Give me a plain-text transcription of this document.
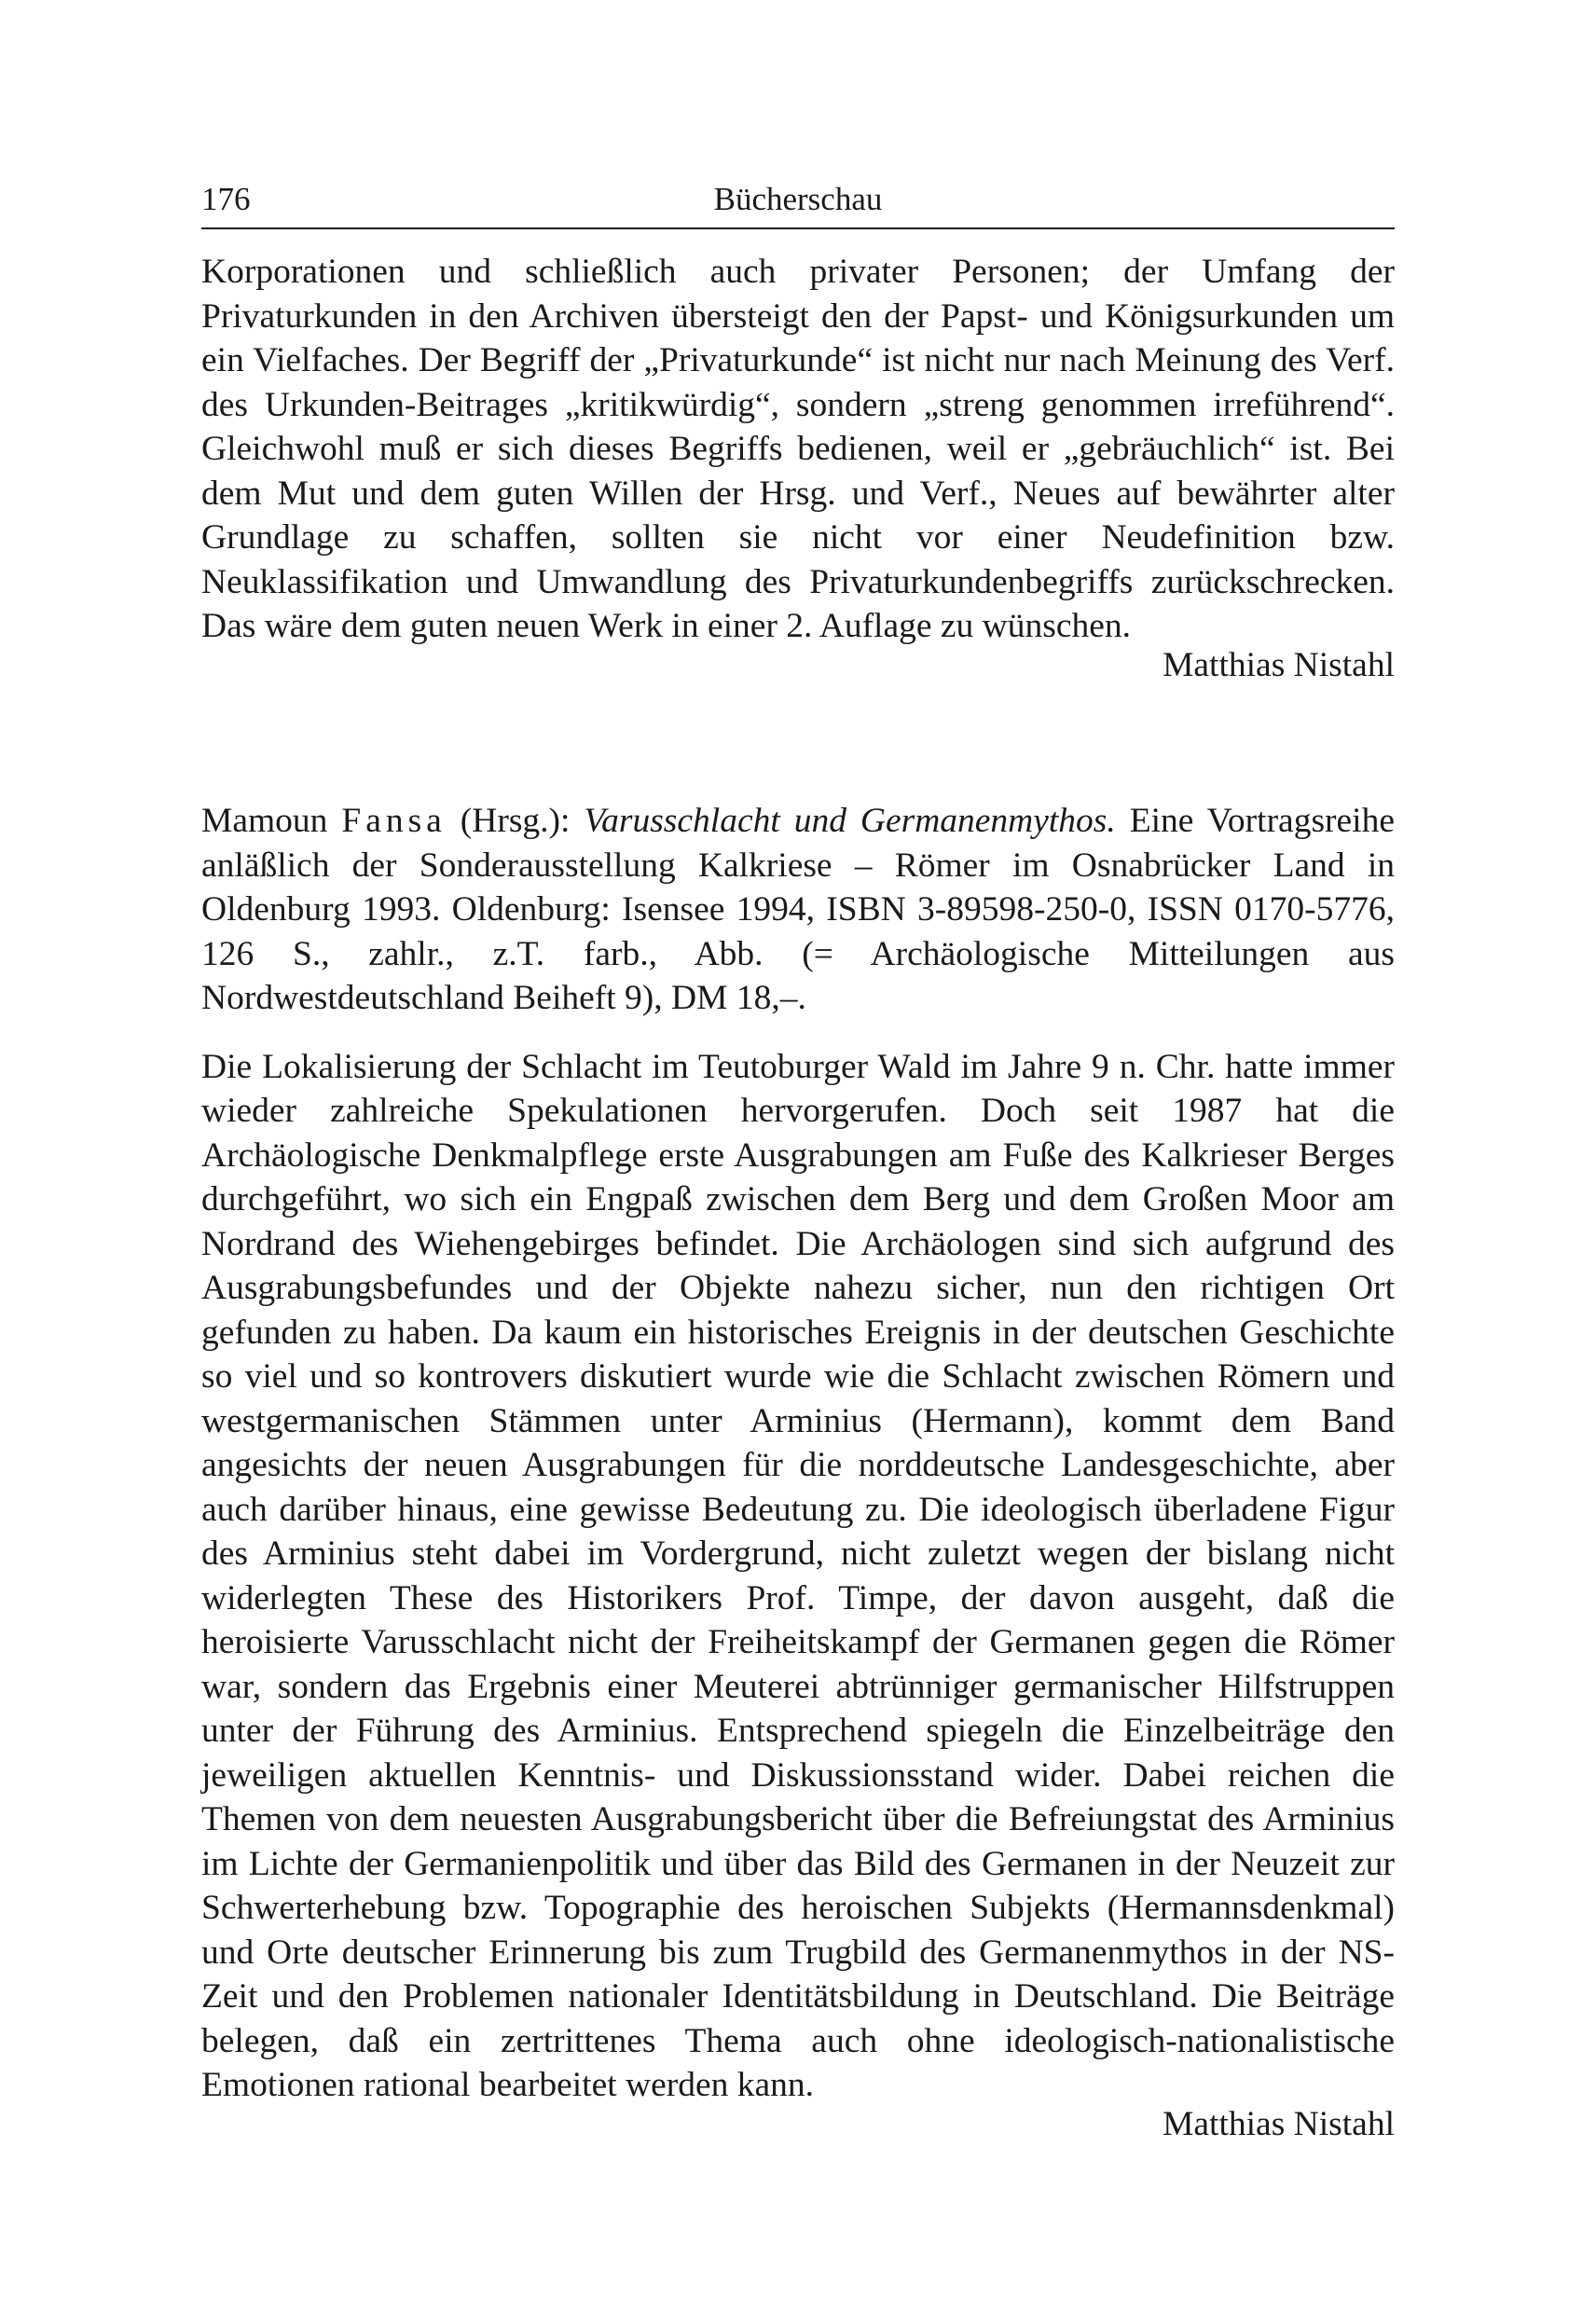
176	Bücherschau

Korporationen und schließlich auch privater Personen; der Umfang der Privaturkunden in den Archiven übersteigt den der Papst- und Königsurkunden um ein Vielfaches. Der Begriff der „Privaturkunde“ ist nicht nur nach Meinung des Verf. des Urkunden-Beitrages „kritikwürdig“, sondern „streng genommen irreführend“. Gleichwohl muß er sich dieses Begriffs bedienen, weil er „gebräuchlich“ ist. Bei dem Mut und dem guten Willen der Hrsg. und Verf., Neues auf bewährter alter Grundlage zu schaffen, sollten sie nicht vor einer Neudefinition bzw. Neuklassifikation und Umwandlung des Privaturkundenbegriffs zurückschrecken. Das wäre dem guten neuen Werk in einer 2. Auflage zu wünschen.

Matthias Nistahl

Mamoun Fansa (Hrsg.): Varusschlacht und Germanenmythos. Eine Vortragsreihe anläßlich der Sonderausstellung Kalkriese – Römer im Osnabrücker Land in Oldenburg 1993. Oldenburg: Isensee 1994, ISBN 3-89598-250-0, ISSN 0170-5776, 126 S., zahlr., z.T. farb., Abb. (= Archäologische Mitteilungen aus Nordwestdeutschland Beiheft 9), DM 18,–.

Die Lokalisierung der Schlacht im Teutoburger Wald im Jahre 9 n. Chr. hatte immer wieder zahlreiche Spekulationen hervorgerufen. Doch seit 1987 hat die Archäologische Denkmalpflege erste Ausgrabungen am Fuße des Kalkrieser Berges durchgeführt, wo sich ein Engpaß zwischen dem Berg und dem Großen Moor am Nordrand des Wiehengebirges befindet. Die Archäologen sind sich aufgrund des Ausgrabungsbefundes und der Objekte nahezu sicher, nun den richtigen Ort gefunden zu haben. Da kaum ein historisches Ereignis in der deutschen Geschichte so viel und so kontrovers diskutiert wurde wie die Schlacht zwischen Römern und westgermanischen Stämmen unter Arminius (Hermann), kommt dem Band angesichts der neuen Ausgrabungen für die norddeutsche Landesgeschichte, aber auch darüber hinaus, eine gewisse Bedeutung zu. Die ideologisch überladene Figur des Arminius steht dabei im Vordergrund, nicht zuletzt wegen der bislang nicht widerlegten These des Historikers Prof. Timpe, der davon ausgeht, daß die heroisierte Varusschlacht nicht der Freiheitskampf der Germanen gegen die Römer war, sondern das Ergebnis einer Meuterei abtrünniger germanischer Hilfstruppen unter der Führung des Arminius. Entsprechend spiegeln die Einzelbeiträge den jeweiligen aktuellen Kenntnis- und Diskussionsstand wider. Dabei reichen die Themen von dem neuesten Ausgrabungsbericht über die Befreiungstat des Arminius im Lichte der Germanienpolitik und über das Bild des Germanen in der Neuzeit zur Schwerterhebung bzw. Topographie des heroischen Subjekts (Hermannsdenkmal) und Orte deutscher Erinnerung bis zum Trugbild des Germanenmythos in der NS-Zeit und den Problemen nationaler Identitätsbildung in Deutschland. Die Beiträge belegen, daß ein zertrittenes Thema auch ohne ideologisch-nationalistische Emotionen rational bearbeitet werden kann.

Matthias Nistahl
